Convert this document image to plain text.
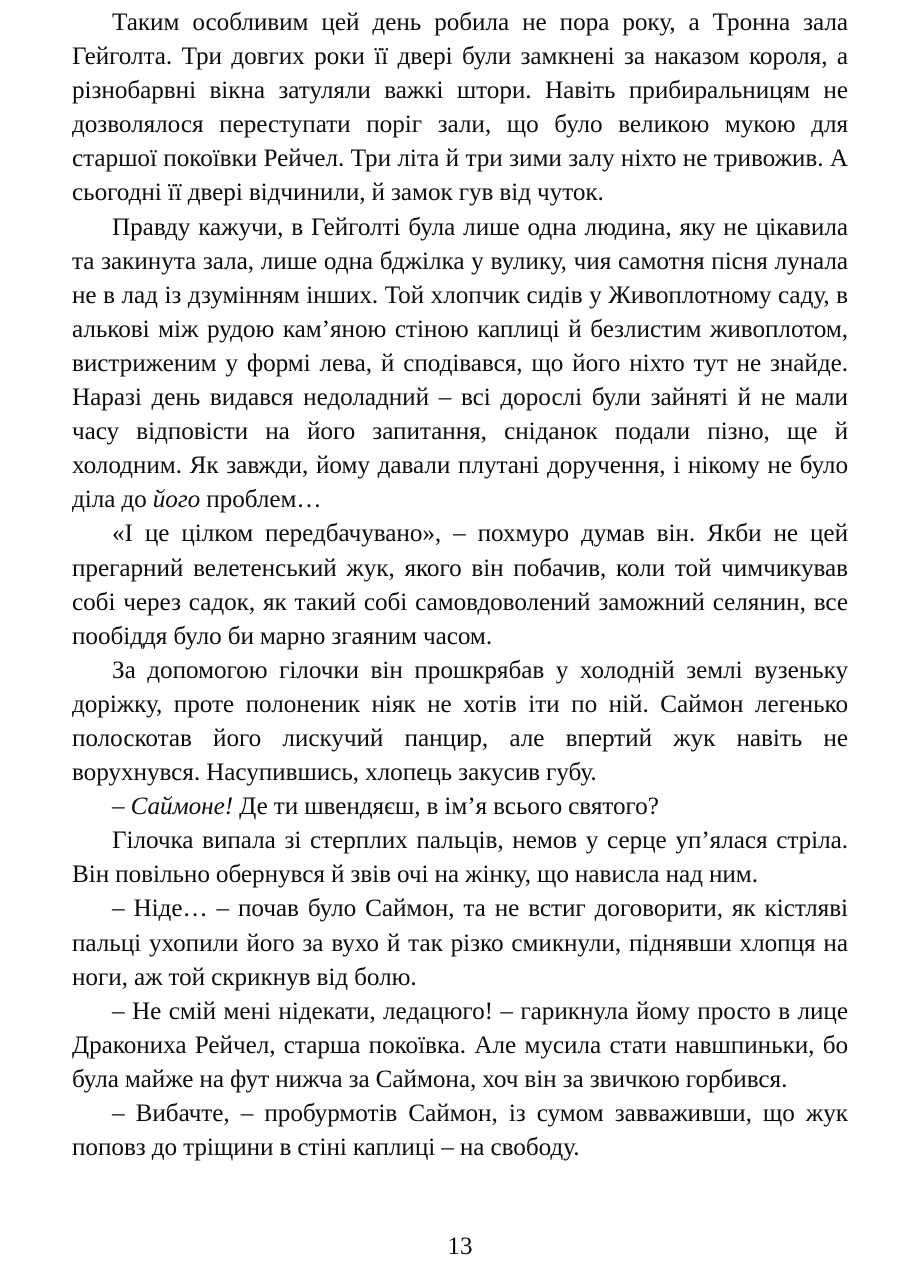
Таким особливим цей день робила не пора року, а Тронна зала Гейголта. Три довгих роки її двері були замкнені за наказом короля, а різнобарвні вікна затуляли важкі штори. Навіть прибиральницям не дозволялося переступати поріг зали, що було великою мукою для старшої покоївки Рейчел. Три літа й три зими залу ніхто не тривожив. А сьогодні її двері відчинили, й замок гув від чуток.

Правду кажучи, в Гейголті була лише одна людина, яку не цікавила та закинута зала, лише одна бджілка у вулику, чия самотня пісня лунала не в лад із дзумінням інших. Той хлопчик сидів у Живоплотному саду, в алькові між рудою кам’яною стіною каплиці й безлистим живоплотом, вистриженим у формі лева, й сподівався, що його ніхто тут не знайде. Наразі день видався недоладний – всі дорослі були зайняті й не мали часу відповісти на його запитання, сніданок подали пізно, ще й холодним. Як завжди, йому давали плутані доручення, і нікому не було діла до його проблем…

«І це цілком передбачувано», – похмуро думав він. Якби не цей прегарний велетенський жук, якого він побачив, коли той чимчикував собі через садок, як такий собі самовдоволений заможний селянин, все пообіддя було би марно згаяним часом.

За допомогою гілочки він прошкрябав у холодній землі вузеньку доріжку, проте полоненик ніяк не хотів іти по ній. Саймон легенько полоскотав його лискучий панцир, але впертий жук навіть не ворухнувся. Насупившись, хлопець закусив губу.

– Саймоне! Де ти швендяєш, в ім’я всього святого?

Гілочка випала зі стерплих пальців, немов у серце уп’ялася стріла. Він повільно обернувся й звів очі на жінку, що нависла над ним.

– Ніде… – почав було Саймон, та не встиг договорити, як кістляві пальці ухопили його за вухо й так різко смикнули, піднявши хлопця на ноги, аж той скрикнув від болю.

– Не смій мені нідекати, ледацюго! – гарикнула йому просто в лице Дракониха Рейчел, старша покоївка. Але мусила стати навшпиньки, бо була майже на фут нижча за Саймона, хоч він за звичкою горбився.

– Вибачте, – пробурмотів Саймон, із сумом завваживши, що жук поповз до тріщини в стіні каплиці – на свободу.

13
